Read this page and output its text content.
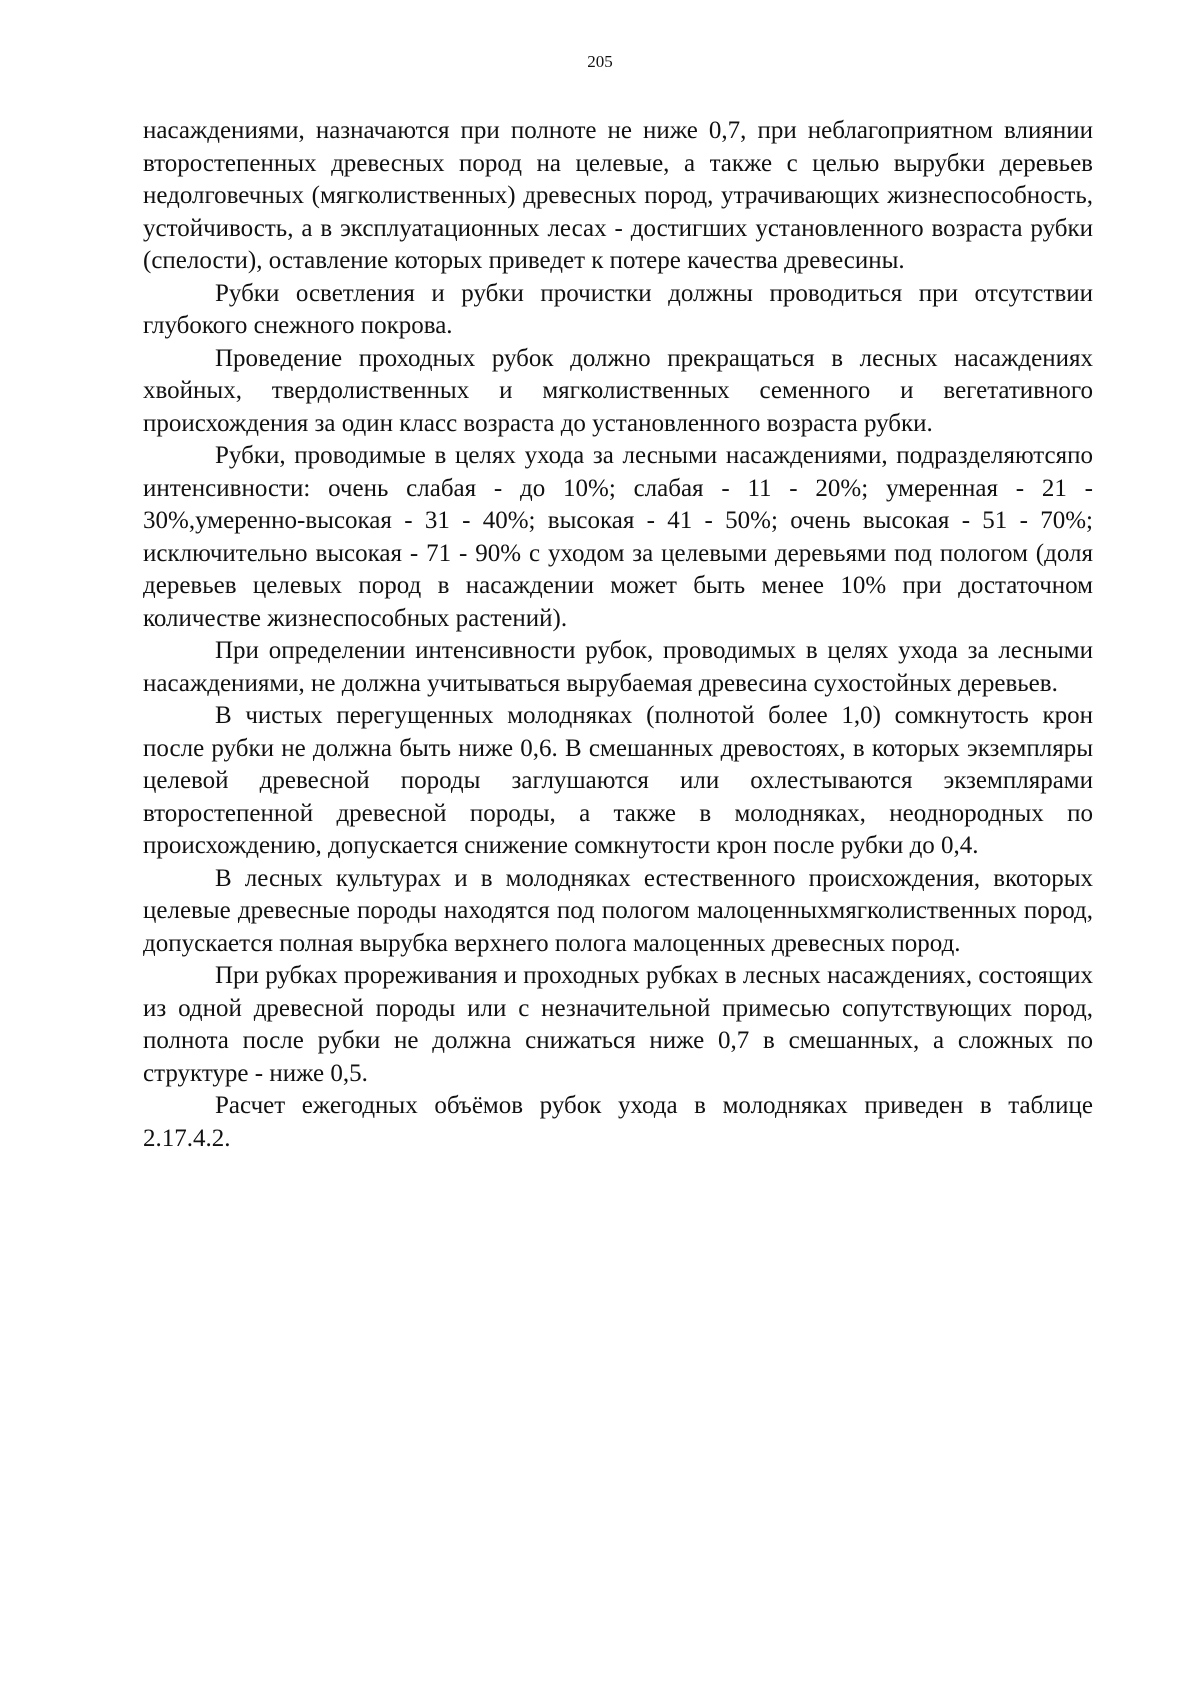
205

насаждениями, назначаются при полноте не ниже 0,7, при неблагоприятном влиянии второстепенных древесных пород на целевые, а также с целью вырубки деревьев недолговечных (мягколиственных) древесных пород, утрачивающих жизнеспособность, устойчивость, а в эксплуатационных лесах - достигших установленного возраста рубки (спелости), оставление которых приведет к потере качества древесины.

Рубки осветления и рубки прочистки должны проводиться при отсутствии глубокого снежного покрова.

Проведение проходных рубок должно прекращаться в лесных насаждениях хвойных, твердолиственных и мягколиственных семенного и вегетативного происхождения за один класс возраста до установленного возраста рубки.

Рубки, проводимые в целях ухода за лесными насаждениями, подразделяютсяпо интенсивности: очень слабая - до 10%; слабая - 11 - 20%; умеренная - 21 - 30%,умеренно-высокая - 31 - 40%; высокая - 41 - 50%; очень высокая - 51 - 70%; исключительно высокая - 71 - 90% с уходом за целевыми деревьями под пологом (доля деревьев целевых пород в насаждении может быть менее 10% при достаточном количестве жизнеспособных растений).

При определении интенсивности рубок, проводимых в целях ухода за лесными насаждениями, не должна учитываться вырубаемая древесина сухостойных деревьев.

В чистых перегущенных молодняках (полнотой более 1,0) сомкнутость крон после рубки не должна быть ниже 0,6. В смешанных древостоях, в которых экземпляры целевой древесной породы заглушаются или охлестываются экземплярами второстепенной древесной породы, а также в молодняках, неоднородных по происхождению, допускается снижение сомкнутости крон после рубки до 0,4.

В лесных культурах и в молодняках естественного происхождения, вкоторых целевые древесные породы находятся под пологом малоценныхмягколиственных пород, допускается полная вырубка верхнего полога малоценных древесных пород.

При рубках прореживания и проходных рубках в лесных насаждениях, состоящих из одной древесной породы или с незначительной примесью сопутствующих пород, полнота после рубки не должна снижаться ниже 0,7 в смешанных, а сложных по структуре - ниже 0,5.

Расчет ежегодных объёмов рубок ухода в молодняках приведен в таблице 2.17.4.2.
